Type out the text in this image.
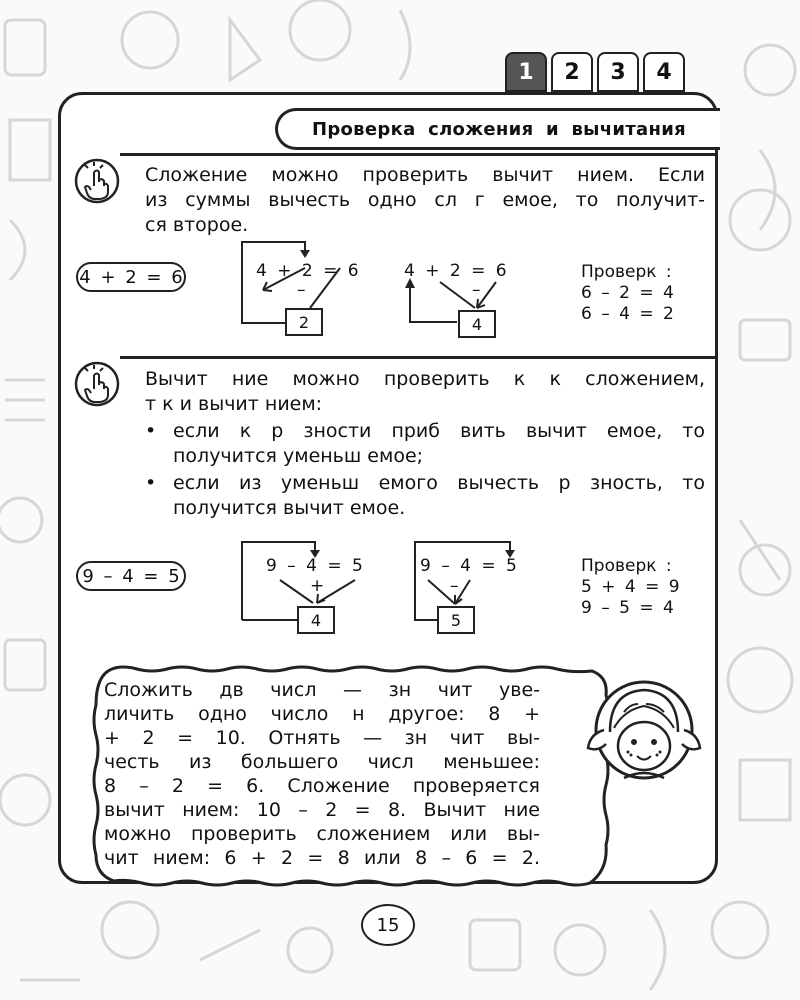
1	2	3	4
Проверка сложения и вычитания
Сложение можно проверить вычит нием. Если
из суммы вычесть одно сл г емое, то получит-
ся второе.
4 + 2 = 6	4 + 2 = 6
–
2
4 + 2 = 6
–
4
Проверк :
6 – 2 = 4
6 – 4 = 2
Вычит ние можно проверить к к сложением,
т к и вычит нием:
• если к р зности приб вить вычит емое, то
получится уменьш емое;
• если из уменьш емого вычесть р зность, то
получится вычит емое.
9 – 4 = 5	9 – 4 = 5
+
4
9 – 4 = 5
–
5
Проверк :
5 + 4 = 9
9 – 5 = 4
Сложить дв числ — зн чит уве-
личить одно число н другое: 8 +
+ 2 = 10. Отнять — зн чит вы-
честь из большего числ меньшее:
8 – 2 = 6. Сложение проверяется
вычит нием: 10 – 2 = 8. Вычит ние
можно проверить сложением или вы-
чит нием: 6 + 2 = 8 или 8 – 6 = 2.
15
